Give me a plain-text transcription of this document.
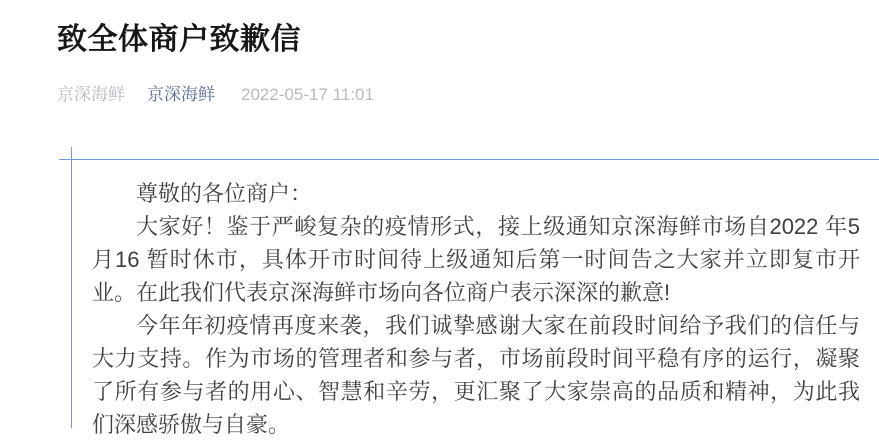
致全体商户致歉信
京深海鲜 京深海鲜 2022-05-17 11:01

尊敬的各位商户：

大家好！鉴于严峻复杂的疫情形式，接上级通知京深海鲜市场自2022 年5月16 暂时休市，具体开市时间待上级通知后第一时间告之大家并立即复市开业。在此我们代表京深海鲜市场向各位商户表示深深的歉意!

今年年初疫情再度来袭，我们诚挚感谢大家在前段时间给予我们的信任与大力支持。作为市场的管理者和参与者，市场前段时间平稳有序的运行，凝聚了所有参与者的用心、智慧和辛劳，更汇聚了大家崇高的品质和精神，为此我们深感骄傲与自豪。
